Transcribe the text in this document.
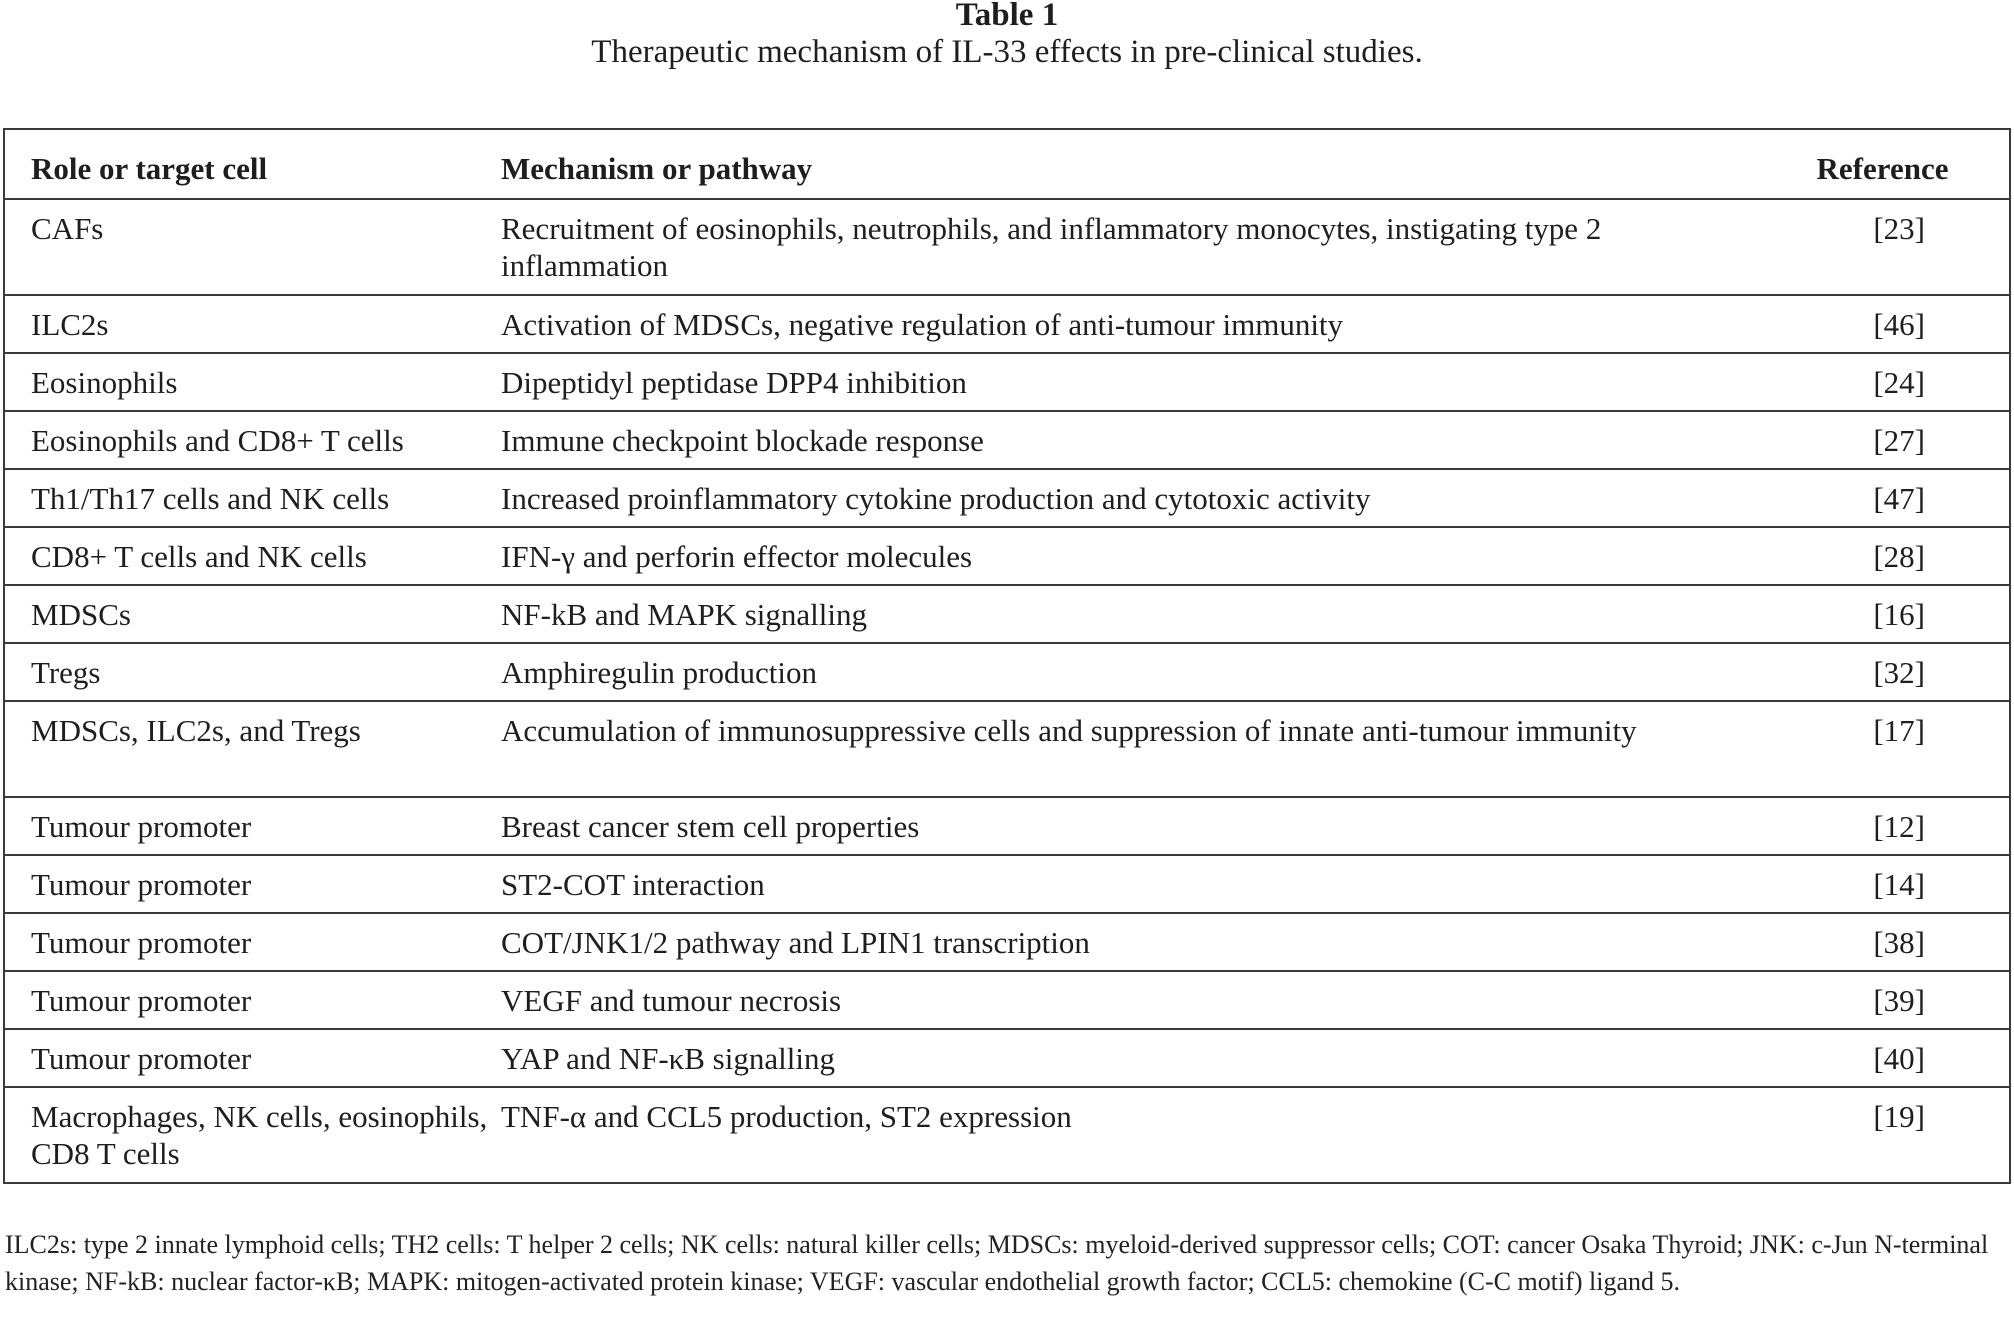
Table 1
Therapeutic mechanism of IL-33 effects in pre-clinical studies.
Role or target cell	Mechanism or pathway	Reference
CAFs	Recruitment of eosinophils, neutrophils, and inflammatory monocytes, instigating type 2 inflammation	[23]
ILC2s	Activation of MDSCs, negative regulation of anti-tumour immunity	[46]
Eosinophils	Dipeptidyl peptidase DPP4 inhibition	[24]
Eosinophils and CD8+ T cells	Immune checkpoint blockade response	[27]
Th1/Th17 cells and NK cells	Increased proinflammatory cytokine production and cytotoxic activity	[47]
CD8+ T cells and NK cells	IFN-γ and perforin effector molecules	[28]
MDSCs	NF-kB and MAPK signalling	[16]
Tregs	Amphiregulin production	[32]
MDSCs, ILC2s, and Tregs	Accumulation of immunosuppressive cells and suppression of innate anti-tumour immunity	[17]
Tumour promoter	Breast cancer stem cell properties	[12]
Tumour promoter	ST2-COT interaction	[14]
Tumour promoter	COT/JNK1/2 pathway and LPIN1 transcription	[38]
Tumour promoter	VEGF and tumour necrosis	[39]
Tumour promoter	YAP and NF-κB signalling	[40]
Macrophages, NK cells, eosinophils, CD8 T cells	TNF-α and CCL5 production, ST2 expression	[19]
ILC2s: type 2 innate lymphoid cells; TH2 cells: T helper 2 cells; NK cells: natural killer cells; MDSCs: myeloid-derived suppressor cells; COT: cancer Osaka Thyroid; JNK: c-Jun N-terminal kinase; NF-kB: nuclear factor-κB; MAPK: mitogen-activated protein kinase; VEGF: vascular endothelial growth factor; CCL5: chemokine (C-C motif) ligand 5.
